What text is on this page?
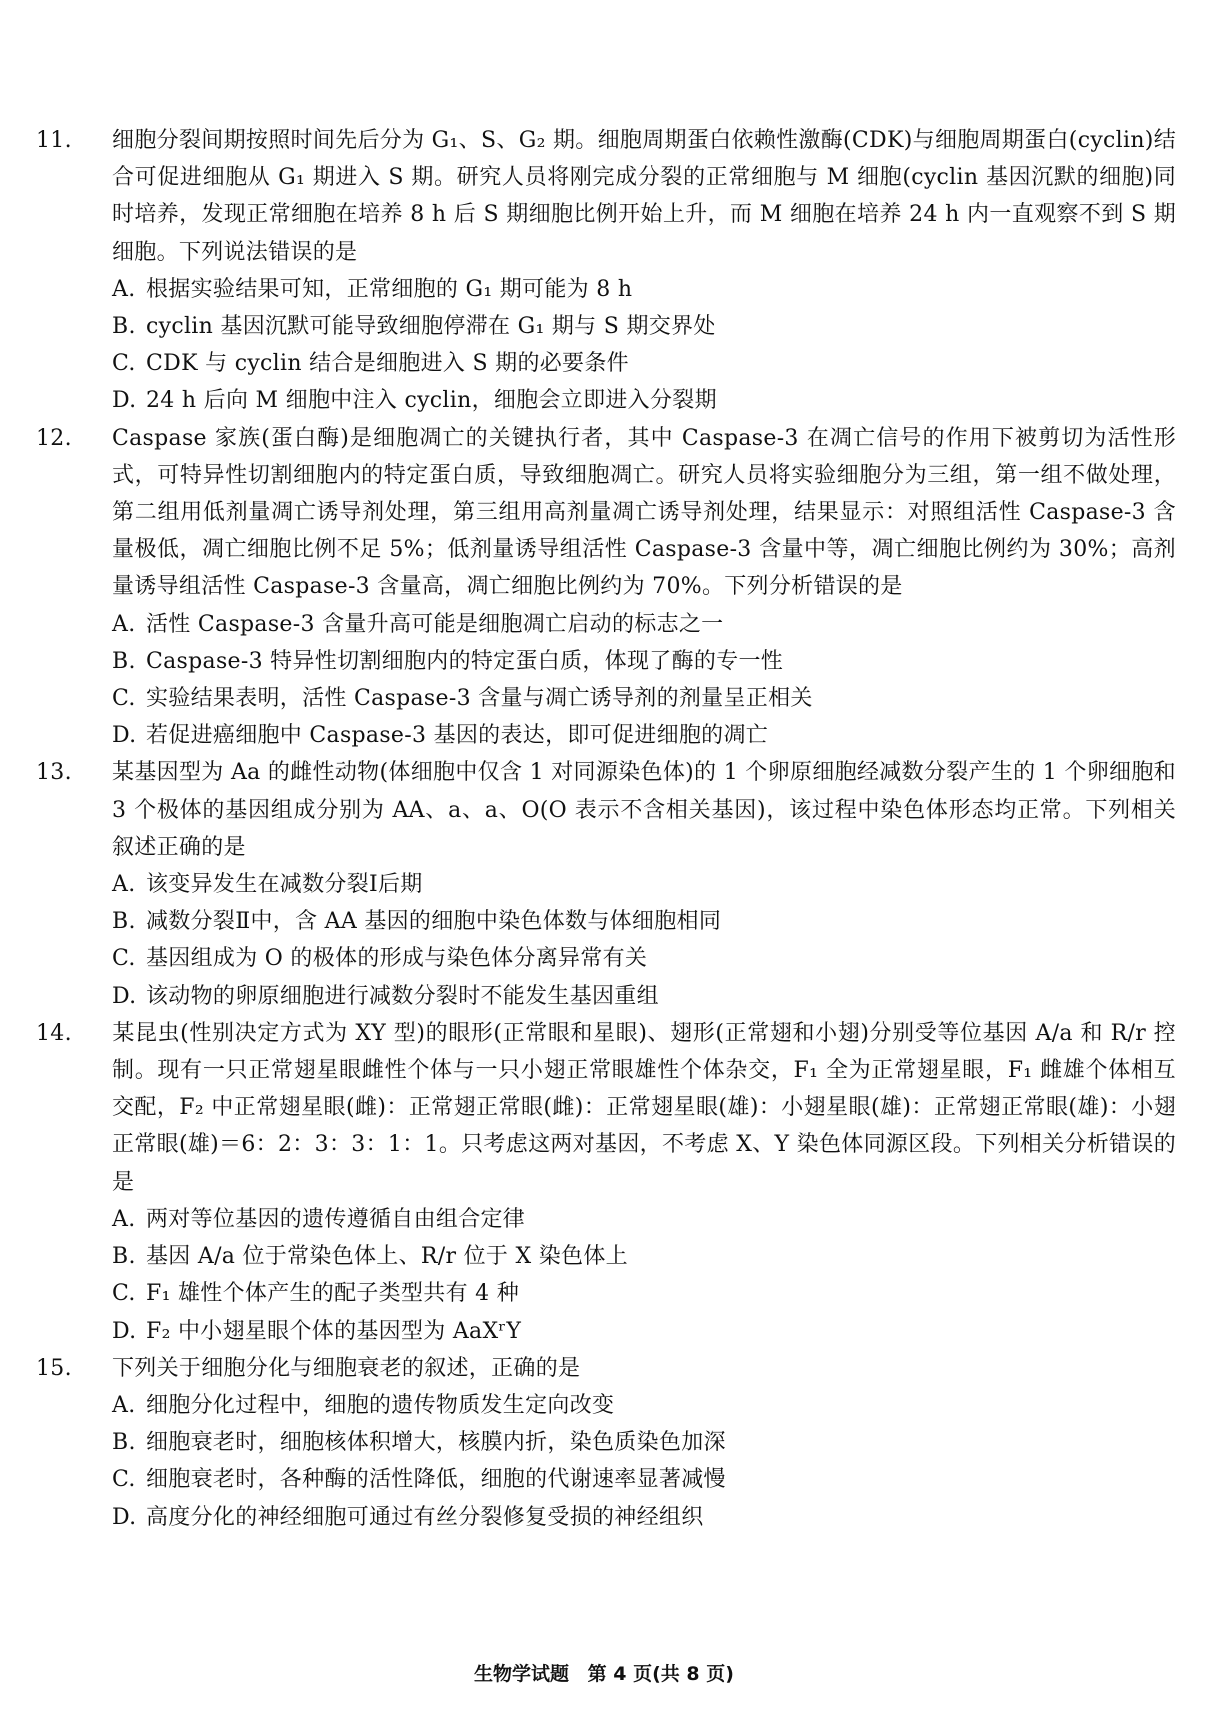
11. 细胞分裂间期按照时间先后分为 G₁、S、G₂ 期。细胞周期蛋白依赖性激酶(CDK)与细胞周期蛋白(cyclin)结合可促进细胞从 G₁ 期进入 S 期。研究人员将刚完成分裂的正常细胞与 M 细胞(cyclin 基因沉默的细胞)同时培养，发现正常细胞在培养 8 h 后 S 期细胞比例开始上升，而 M 细胞在培养 24 h 内一直观察不到 S 期细胞。下列说法错误的是
A. 根据实验结果可知，正常细胞的 G₁ 期可能为 8 h
B. cyclin 基因沉默可能导致细胞停滞在 G₁ 期与 S 期交界处
C. CDK 与 cyclin 结合是细胞进入 S 期的必要条件
D. 24 h 后向 M 细胞中注入 cyclin，细胞会立即进入分裂期
12. Caspase 家族(蛋白酶)是细胞凋亡的关键执行者，其中 Caspase-3 在凋亡信号的作用下被剪切为活性形式，可特异性切割细胞内的特定蛋白质，导致细胞凋亡。研究人员将实验细胞分为三组，第一组不做处理，第二组用低剂量凋亡诱导剂处理，第三组用高剂量凋亡诱导剂处理，结果显示：对照组活性 Caspase-3 含量极低，凋亡细胞比例不足 5%；低剂量诱导组活性 Caspase-3 含量中等，凋亡细胞比例约为 30%；高剂量诱导组活性 Caspase-3 含量高，凋亡细胞比例约为 70%。下列分析错误的是
A. 活性 Caspase-3 含量升高可能是细胞凋亡启动的标志之一
B. Caspase-3 特异性切割细胞内的特定蛋白质，体现了酶的专一性
C. 实验结果表明，活性 Caspase-3 含量与凋亡诱导剂的剂量呈正相关
D. 若促进癌细胞中 Caspase-3 基因的表达，即可促进细胞的凋亡
13. 某基因型为 Aa 的雌性动物(体细胞中仅含 1 对同源染色体)的 1 个卵原细胞经减数分裂产生的 1 个卵细胞和 3 个极体的基因组成分别为 AA、a、a、O(O 表示不含相关基因)，该过程中染色体形态均正常。下列相关叙述正确的是
A. 该变异发生在减数分裂Ⅰ后期
B. 减数分裂Ⅱ中，含 AA 基因的细胞中染色体数与体细胞相同
C. 基因组成为 O 的极体的形成与染色体分离异常有关
D. 该动物的卵原细胞进行减数分裂时不能发生基因重组
14. 某昆虫(性别决定方式为 XY 型)的眼形(正常眼和星眼)、翅形(正常翅和小翅)分别受等位基因 A/a 和 R/r 控制。现有一只正常翅星眼雌性个体与一只小翅正常眼雄性个体杂交，F₁ 全为正常翅星眼，F₁ 雌雄个体相互交配，F₂ 中正常翅星眼(雌)：正常翅正常眼(雌)：正常翅星眼(雄)：小翅星眼(雄)：正常翅正常眼(雄)：小翅正常眼(雄)＝6：2：3：3：1：1。只考虑这两对基因，不考虑 X、Y 染色体同源区段。下列相关分析错误的是
A. 两对等位基因的遗传遵循自由组合定律
B. 基因 A/a 位于常染色体上、R/r 位于 X 染色体上
C. F₁ 雄性个体产生的配子类型共有 4 种
D. F₂ 中小翅星眼个体的基因型为 AaXʳY
15. 下列关于细胞分化与细胞衰老的叙述，正确的是
A. 细胞分化过程中，细胞的遗传物质发生定向改变
B. 细胞衰老时，细胞核体积增大，核膜内折，染色质染色加深
C. 细胞衰老时，各种酶的活性降低，细胞的代谢速率显著减慢
D. 高度分化的神经细胞可通过有丝分裂修复受损的神经组织
生物学试题 第 4 页(共 8 页)
